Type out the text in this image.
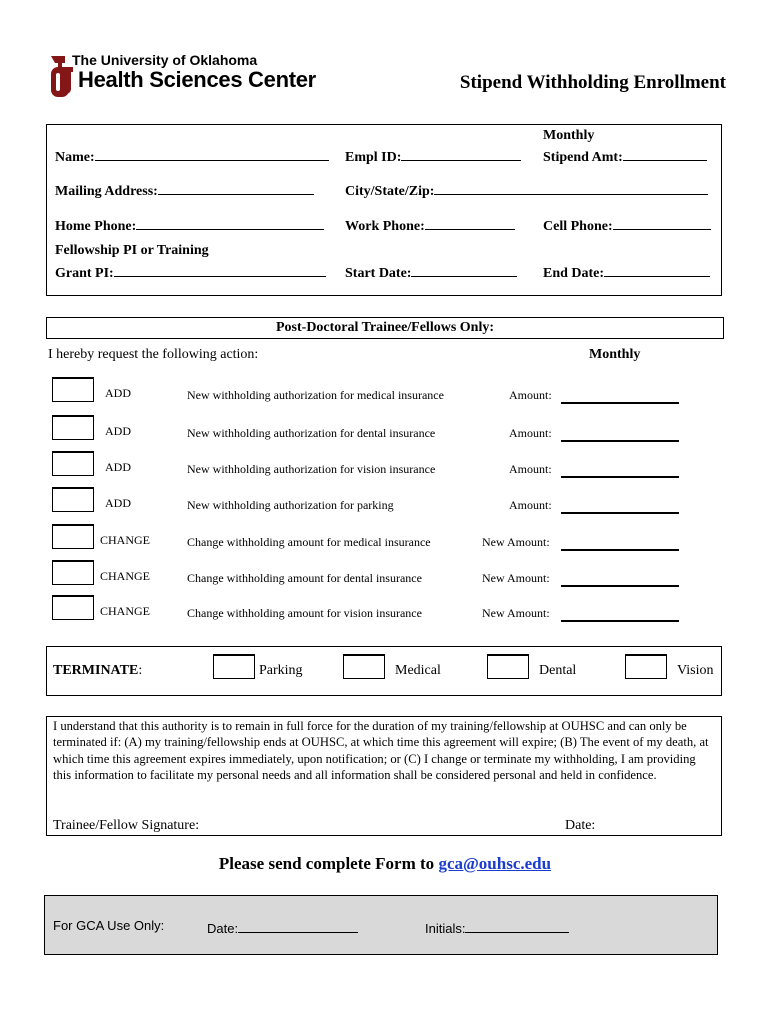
The University of Oklahoma
Health Sciences Center	Stipend Withholding Enrollment
Name:	Empl ID:
Monthly
Stipend Amt:
Mailing Address:	City/State/Zip:
Home Phone:	Work Phone:	Cell Phone:
Fellowship PI or Training
Grant PI:	Start Date:	End Date:
Post-Doctoral Trainee/Fellows Only:
I hereby request the following action:	Monthly
ADD	New withholding authorization for medical insurance	Amount:
ADD	New withholding authorization for dental insurance	Amount:
ADD	New withholding authorization for vision insurance	Amount:
ADD	New withholding authorization for parking	Amount:
CHANGE	Change withholding amount for medical insurance	New Amount:
CHANGE	Change withholding amount for dental insurance	New Amount:
CHANGE	Change withholding amount for vision insurance	New Amount:
TERMINATE:	Parking	Medical	Dental	Vision
I understand that this authority is to remain in full force for the duration of my training/fellowship at OUHSC and can only be terminated if: (A) my training/fellowship ends at OUHSC, at which time this agreement will expire; (B) The event of my death, at which time this agreement expires immediately, upon notification; or (C) I change or terminate my withholding, I am providing this information to facilitate my personal needs and all information shall be considered personal and held in confidence.
Trainee/Fellow Signature:	Date:
Please send complete Form to gca@ouhsc.edu
For GCA Use Only:	Date:	Initials:
